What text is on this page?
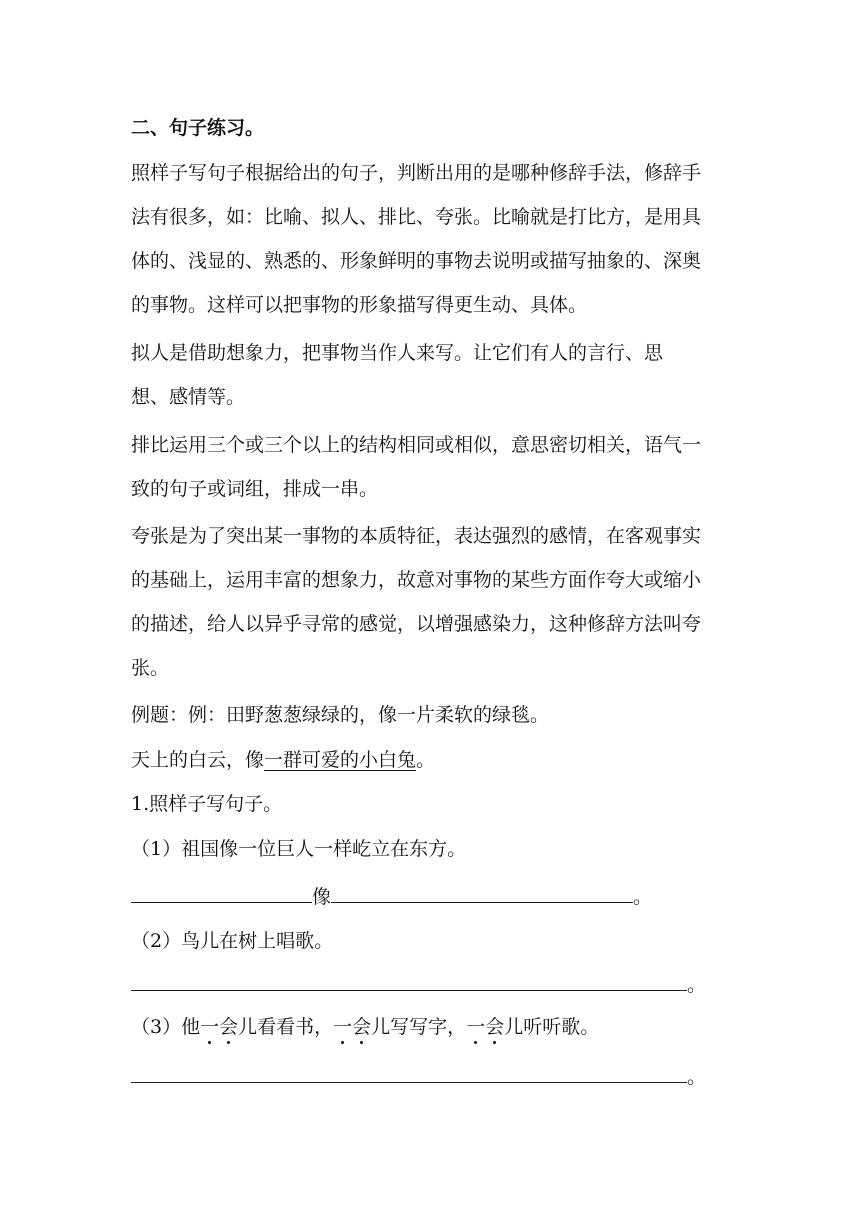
二、句子练习。

照样子写句子根据给出的句子，判断出用的是哪种修辞手法，修辞手

法有很多，如：比喻、拟人、排比、夸张。比喻就是打比方，是用具

体的、浅显的、熟悉的、形象鲜明的事物去说明或描写抽象的、深奥

的事物。这样可以把事物的形象描写得更生动、具体。

拟人是借助想象力，把事物当作人来写。让它们有人的言行、思

想、感情等。

排比运用三个或三个以上的结构相同或相似，意思密切相关，语气一

致的句子或词组，排成一串。

夸张是为了突出某一事物的本质特征，表达强烈的感情，在客观事实

的基础上，运用丰富的想象力，故意对事物的某些方面作夸大或缩小

的描述，给人以异乎寻常的感觉，以增强感染力，这种修辞方法叫夸

张。

例题：例：田野葱葱绿绿的，像一片柔软的绿毯。

天上的白云，像一群可爱的小白兔。

1.照样子写句子。

（1）祖国像一位巨人一样屹立在东方。

像	。

（2）鸟儿在树上唱歌。

。

（3）他一会儿看看书，一会儿写写字，一会儿听听歌。

。
